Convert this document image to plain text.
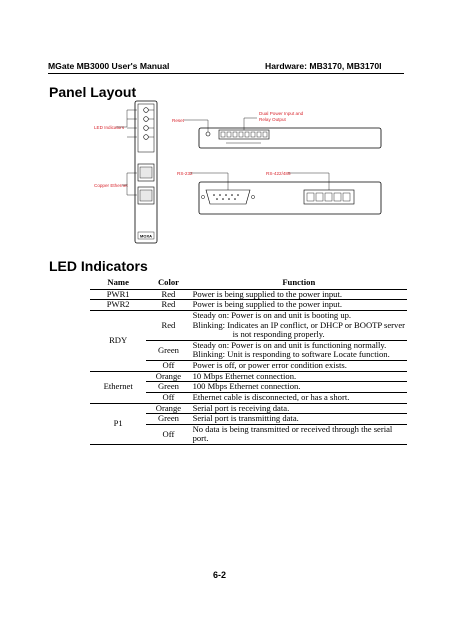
MGate MB3000 User's Manual	Hardware: MB3170, MB3170I
Panel Layout
MOXA
LED Indicators
Copper Ethernet
Reset
Dual Power Input and
Relay Output
RS-232	RS-422/485
LED Indicators
Name	Color	Function
PWR1	Red	Power is being supplied to the power input.
PWR2	Red	Power is being supplied to the power input.
RDY	Red	Steady on: Power is on and unit is booting up.
Blinking: Indicates an IP conflict, or DHCP or BOOTP server
is not responding properly.

	Green	Steady on: Power is on and unit is functioning normally.
Blinking: Unit is responding to software Locate function.

	Off	Power is off, or power error condition exists.
Ethernet	Orange	10 Mbps Ethernet connection.
	Green	100 Mbps Ethernet connection.
	Off	Ethernet cable is disconnected, or has a short.
P1	Orange	Serial port is receiving data.
	Green	Serial port is transmitting data.
	Off	No data is being transmitted or received through the serial port.
6-2
